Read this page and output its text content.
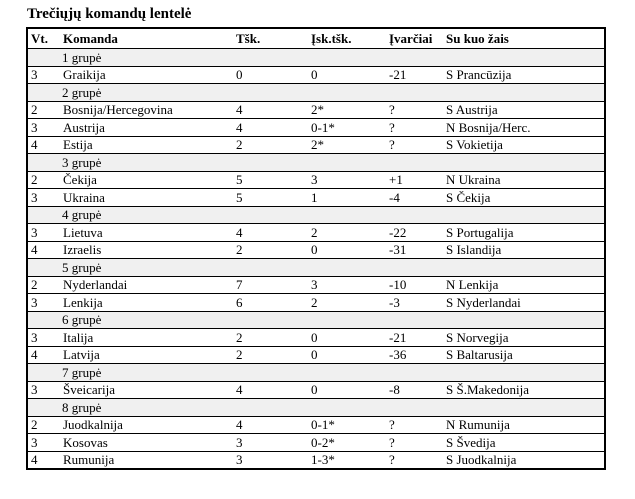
Trečiųjų komandų lentelė
Vt.	Komanda	Tšk.	Įsk.tšk.	Įvarčiai	Su kuo žais
1 grupė					
3	Graikija	0	0	-21	S Prancūzija
2 grupė					
2	Bosnija/Hercegovina	4	2*	?	S Austrija
3	Austrija	4	0-1*	?	N Bosnija/Herc.
4	Estija	2	2*	?	S Vokietija
3 grupė					
2	Čekija	5	3	+1	N Ukraina
3	Ukraina	5	1	-4	S Čekija
4 grupė					
3	Lietuva	4	2	-22	S Portugalija
4	Izraelis	2	0	-31	S Islandija
5 grupė					
2	Nyderlandai	7	3	-10	N Lenkija
3	Lenkija	6	2	-3	S Nyderlandai
6 grupė					
3	Italija	2	0	-21	S Norvegija
4	Latvija	2	0	-36	S Baltarusija
7 grupė					
3	Šveicarija	4	0	-8	S Š.Makedonija
8 grupė					
2	Juodkalnija	4	0-1*	?	N Rumunija
3	Kosovas	3	0-2*	?	S Švedija
4	Rumunija	3	1-3*	?	S Juodkalnija
